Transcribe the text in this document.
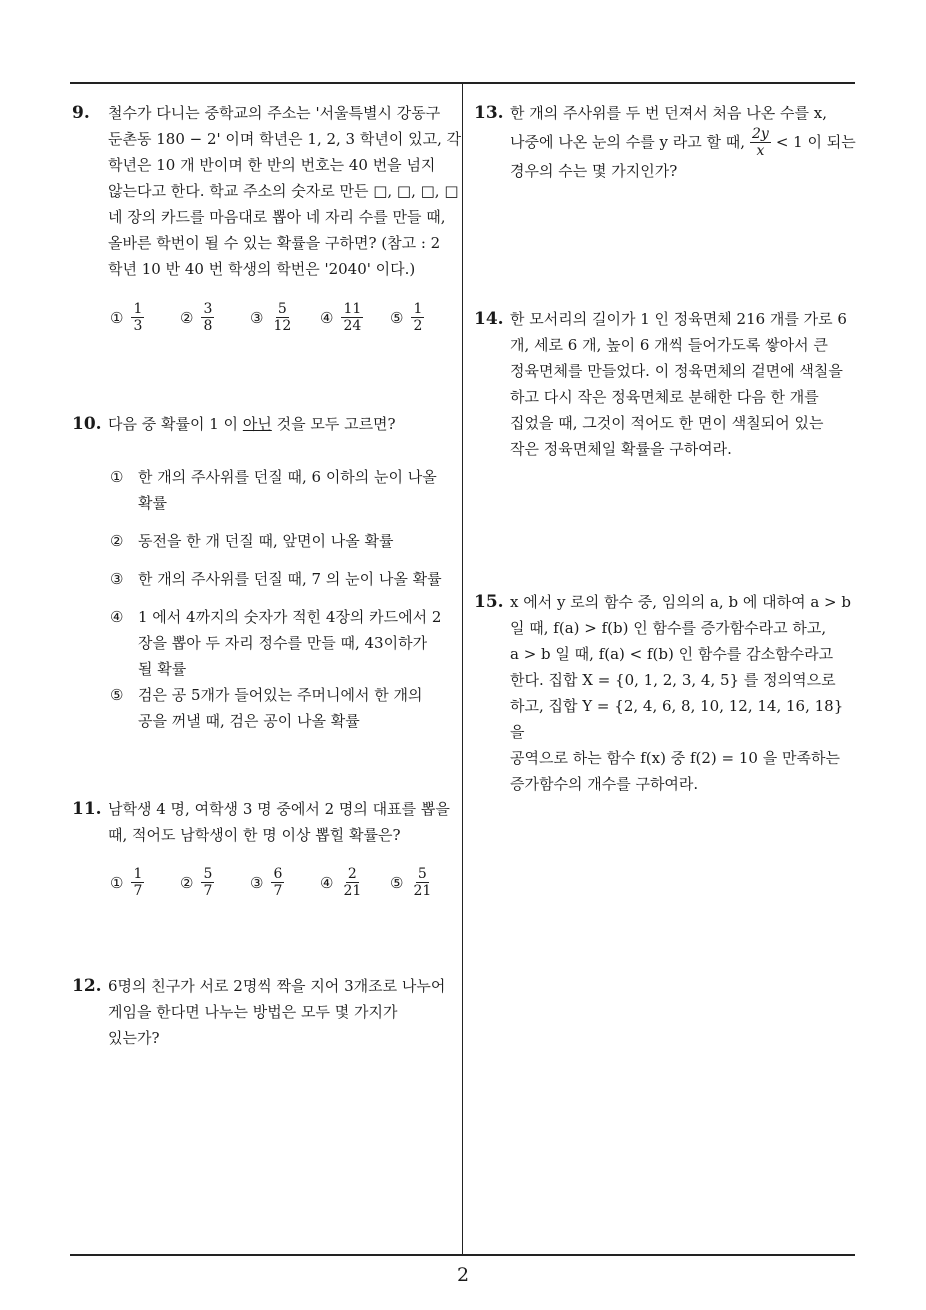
9. 철수가 다니는 중학교의 주소는 '서울특별시 강동구
둔촌동 180 − 2' 이며 학년은 1, 2, 3 학년이 있고, 각
학년은 10 개 반이며 한 반의 번호는 40 번을 넘지
않는다고 한다. 학교 주소의 숫자로 만든 □, □, □, □
네 장의 카드를 마음대로 뽑아 네 자리 수를 만들 때,
올바른 학번이 될 수 있는 확률을 구하면? (참고 : 2
학년 10 반 40 번 학생의 학번은 '2040' 이다.)
① $\frac{1}{3}$ ② $\frac{3}{8}$ ③ $\frac{5}{12}$ ④ $\frac{11}{24}$ ⑤ $\frac{1}{2}$
10. 다음 중 확률이 1 이 아닌 것을 모두 고르면?
① 한 개의 주사위를 던질 때, 6 이하의 눈이 나올
확률
② 동전을 한 개 던질 때, 앞면이 나올 확률
③ 한 개의 주사위를 던질 때, 7 의 눈이 나올 확률
④ 1 에서 4까지의 숫자가 적힌 4장의 카드에서 2
장을 뽑아 두 자리 정수를 만들 때, 43이하가
될 확률
⑤ 검은 공 5개가 들어있는 주머니에서 한 개의
공을 꺼낼 때, 검은 공이 나올 확률
11. 남학생 4 명, 여학생 3 명 중에서 2 명의 대표를 뽑을
때, 적어도 남학생이 한 명 이상 뽑힐 확률은?
① $\frac{1}{7}$ ② $\frac{5}{7}$ ③ $\frac{6}{7}$ ④ $\frac{2}{21}$ ⑤ $\frac{5}{21}$
12. 6명의 친구가 서로 2명씩 짝을 지어 3개조로 나누어
게임을 한다면 나누는 방법은 모두 몇 가지가
있는가?
13. 한 개의 주사위를 두 번 던져서 처음 나온 수를 x,
나중에 나온 눈의 수를 y 라고 할 때, $\frac{2y}{x} < 1$ 이 되는
경우의 수는 몇 가지인가?
14. 한 모서리의 길이가 1 인 정육면체 216 개를 가로 6
개, 세로 6 개, 높이 6 개씩 들어가도록 쌓아서 큰
정육면체를 만들었다. 이 정육면체의 겉면에 색칠을
하고 다시 작은 정육면체로 분해한 다음 한 개를
집었을 때, 그것이 적어도 한 면이 색칠되어 있는
작은 정육면체일 확률을 구하여라.
15. x 에서 y 로의 함수 중, 임의의 a, b 에 대하여 a > b
일 때, f(a) > f(b) 인 함수를 증가함수라고 하고,
a > b 일 때, f(a) < f(b) 인 함수를 감소함수라고
한다. 집합 X = {0, 1, 2, 3, 4, 5} 를 정의역으로
하고, 집합 Y = {2, 4, 6, 8, 10, 12, 14, 16, 18} 을
공역으로 하는 함수 f(x) 중 f(2) = 10 을 만족하는
증가함수의 개수를 구하여라.
2
